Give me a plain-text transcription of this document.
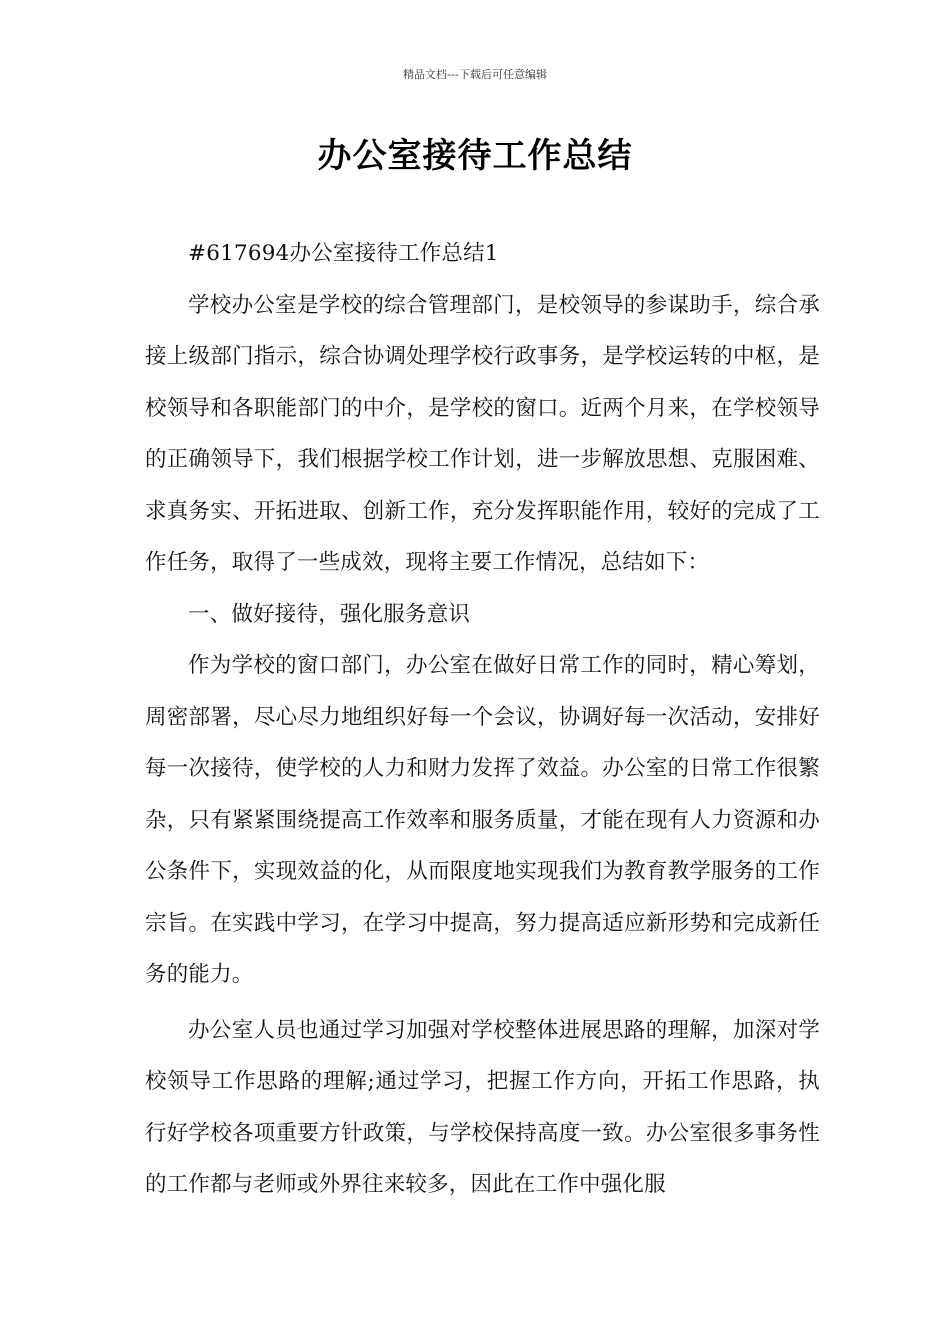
精品文档---下载后可任意编辑
办公室接待工作总结

#617694办公室接待工作总结1

学校办公室是学校的综合管理部门，是校领导的参谋助手，综合承接上级部门指示，综合协调处理学校行政事务，是学校运转的中枢，是校领导和各职能部门的中介，是学校的窗口。近两个月来，在学校领导的正确领导下，我们根据学校工作计划，进一步解放思想、克服困难、求真务实、开拓进取、创新工作，充分发挥职能作用，较好的完成了工作任务，取得了一些成效，现将主要工作情况，总结如下：

一、做好接待，强化服务意识

作为学校的窗口部门，办公室在做好日常工作的同时，精心筹划，周密部署，尽心尽力地组织好每一个会议，协调好每一次活动，安排好每一次接待，使学校的人力和财力发挥了效益。办公室的日常工作很繁杂，只有紧紧围绕提高工作效率和服务质量，才能在现有人力资源和办公条件下，实现效益的化，从而限度地实现我们为教育教学服务的工作宗旨。在实践中学习，在学习中提高，努力提高适应新形势和完成新任务的能力。

办公室人员也通过学习加强对学校整体进展思路的理解，加深对学校领导工作思路的理解;通过学习，把握工作方向，开拓工作思路，执行好学校各项重要方针政策，与学校保持高度一致。办公室很多事务性的工作都与老师或外界往来较多，因此在工作中强化服
